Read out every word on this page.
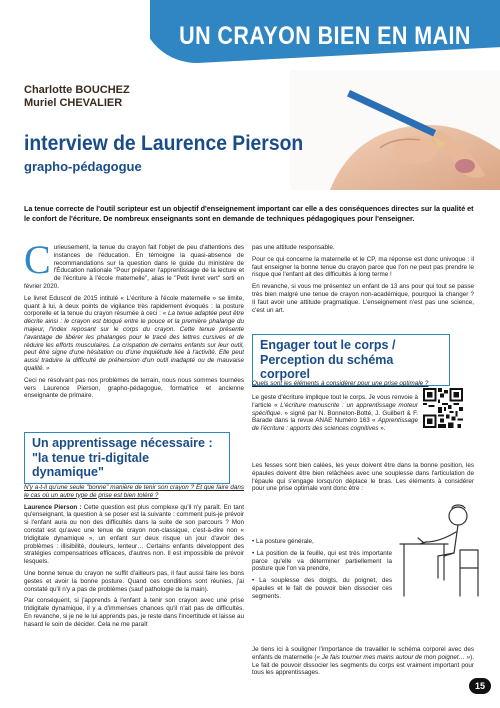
UN CRAYON BIEN EN MAIN
Charlotte BOUCHEZ
Muriel CHEVALIER
interview de Laurence Pierson
grapho-pédagogue
La tenue correcte de l'outil scripteur est un objectif d'enseignement important car elle a des conséquences directes sur la qualité et le confort de l'écriture. De nombreux enseignants sont en demande de techniques pédagogiques pour l'enseigner.

Curieusement, la tenue du crayon fait l'objet de peu d'attentions des instances de l'éducation. En témoigne la quasi-absence de recommandations sur la question dans le guide du ministère de l'Éducation nationale "Pour préparer l'apprentissage de la lecture et de l'écriture à l'école maternelle", alias le "Petit livret vert" sorti en février 2020.

Le livret Eduscol de 2015 intitulé « L'écriture à l'école maternelle » se limite, quant à lui, à deux points de vigilance très rapidement évoqués : la posture corporelle et la tenue du crayon résumée à ceci : « La tenue adaptée peut être décrite ainsi : le crayon est bloqué entre le pouce et la première phalange du majeur, l'index reposant sur le corps du crayon. Cette tenue présente l'avantage de libérer les phalanges pour le tracé des lettres cursives et de réduire les efforts musculaires. La crispation de certains enfants sur leur outil, peut être signe d'une hésitation ou d'une inquiétude liée à l'activité. Elle peut aussi traduire la difficulté de préhension d'un outil inadapté ou de mauvaise qualité. »

Ceci ne résolvant pas nos problèmes de terrain, nous nous sommes tournées vers Laurence Pierson, grapho-pédagogue, formatrice et ancienne enseignante de primaire.

Un apprentissage nécessaire : "la tenue tri-digitale dynamique"

N'y a-t-il qu'une seule "bonne" manière de tenir son crayon ? Et que faire dans le cas où un autre type de prise est bien toléré ?

Laurence Pierson : Cette question est plus complexe qu'il n'y paraît. En tant qu'enseignant, la question à se poser est la suivante : comment puis-je prévoir si l'enfant aura ou non des difficultés dans la suite de son parcours ? Mon constat est qu'avec une tenue de crayon non-classique, c'est-à-dire non « tridigitale dynamique », un enfant sur deux risque un jour d'avoir des problèmes : illisibilité, douleurs, lenteur… Certains enfants développent des stratégies compensatrices efficaces, d'autres non. Il est impossible de prévoir lesquels.

Une bonne tenue du crayon ne suffit d'ailleurs pas, il faut aussi faire les bons gestes et avoir la bonne posture. Quand ces conditions sont réunies, j'ai constaté qu'il n'y a pas de problèmes (sauf pathologie de la main).

Par conséquent, si j'apprends à l'enfant à tenir son crayon avec une prise tridigitale dynamique, il y a d'immenses chances qu'il n'ait pas de difficultés. En revanche, si je ne le lui apprends pas, je reste dans l'incertitude et laisse au hasard le soin de décider. Cela ne me paraît

pas une attitude responsable.

Pour ce qui concerne la maternelle et le CP, ma réponse est donc univoque : il faut enseigner la bonne tenue du crayon parce que l'on ne peut pas prendre le risque que l'enfant ait des difficultés à long terme !

En revanche, si vous me présentez un enfant de 13 ans pour qui tout se passe très bien malgré une tenue de crayon non-académique, pourquoi la changer ? Il faut avoir une attitude pragmatique. L'enseignement n'est pas une science, c'est un art.

Engager tout le corps / Perception du schéma corporel

Quels sont les éléments à considérer pour une prise optimale ?

Le geste d'écriture implique tout le corps. Je vous renvoie à l'article « L'écriture manuscrite : un apprentissage moteur spécifique. » signé par N. Bonneton-Botté, J. Guilbert & F. Barade dans la revue ANAE Numéro 163 « Apprentissage de l'écriture : apports des sciences cognitives ».

Les fesses sont bien calées, les yeux doivent être dans la bonne position, les épaules doivent être bien relâchées avec une souplesse dans l'articulation de l'épaule qui s'engage lorsqu'on déplace le bras. Les éléments à considérer pour une prise optimale vont donc être :

• La posture générale,

• La position de la feuille, qui est très importante parce qu'elle va déterminer partiellement la posture que l'on va prendre,

• La souplesse des doigts, du poignet, des épaules et le fait de pouvoir bien dissocier ces segments.

Je tiens ici à souligner l'importance de travailler le schéma corporel avec des enfants de maternelle (« Je fais tourner mes mains autour de mon poignet… »). Le fait de pouvoir dissocier les segments du corps est vraiment important pour tous les apprentissages.

15
